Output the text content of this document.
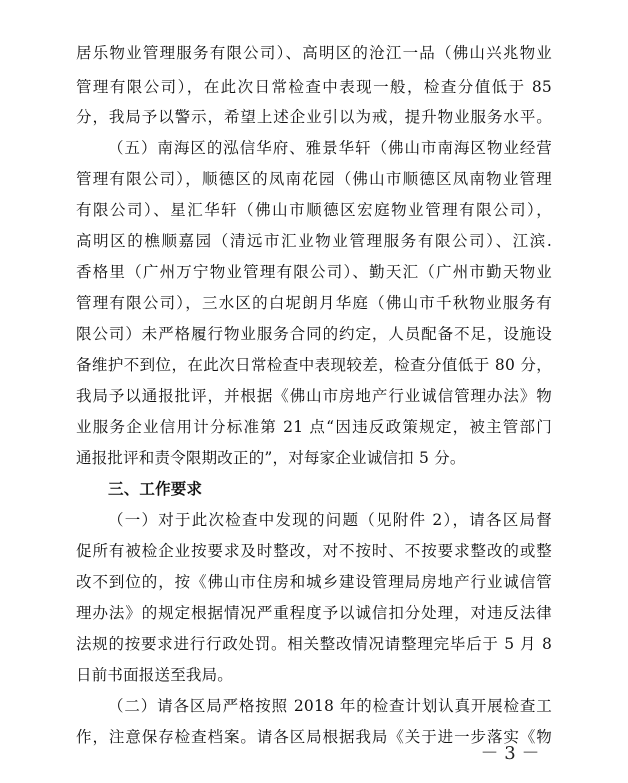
居乐物业管理服务有限公司）、高明区的沧江一品（佛山兴兆物业
管理有限公司），在此次日常检查中表现一般，检查分值低于 85
分，我局予以警示，希望上述企业引以为戒，提升物业服务水平。
（五）南海区的泓信华府、雅景华轩（佛山市南海区物业经营
管理有限公司），顺德区的凤南花园（佛山市顺德区凤南物业管理
有限公司）、星汇华轩（佛山市顺德区宏庭物业管理有限公司），
高明区的樵顺嘉园（清远市汇业物业管理服务有限公司）、江滨.
香格里（广州万宁物业管理有限公司）、勤天汇（广州市勤天物业
管理有限公司），三水区的白坭朗月华庭（佛山市千秋物业服务有
限公司）未严格履行物业服务合同的约定，人员配备不足，设施设
备维护不到位，在此次日常检查中表现较差，检查分值低于 80 分，
我局予以通报批评，并根据《佛山市房地产行业诚信管理办法》物
业服务企业信用计分标准第 21 点“因违反政策规定，被主管部门
通报批评和责令限期改正的”，对每家企业诚信扣 5 分。
三、工作要求
（一）对于此次检查中发现的问题（见附件 2），请各区局督
促所有被检企业按要求及时整改，对不按时、不按要求整改的或整
改不到位的，按《佛山市住房和城乡建设管理局房地产行业诚信管
理办法》的规定根据情况严重程度予以诚信扣分处理，对违反法律
法规的按要求进行行政处罚。相关整改情况请整理完毕后于 5 月 8
日前书面报送至我局。
（二）请各区局严格按照 2018 年的检查计划认真开展检查工
作，注意保存检查档案。请各区局根据我局《关于进一步落实《物
－ 3 －
